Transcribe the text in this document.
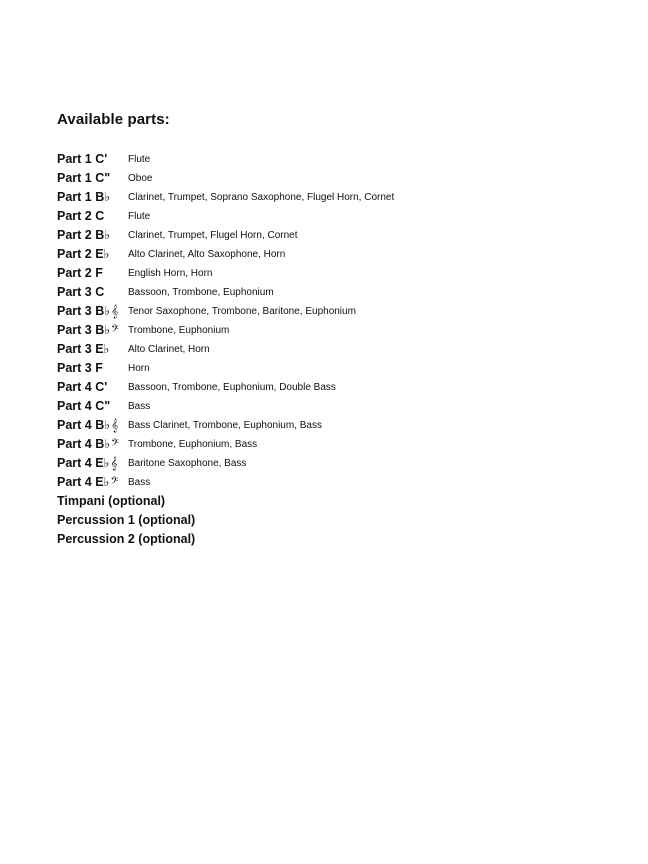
Available parts:
Part 1 C'	Flute
Part 1 C"	Oboe
Part 1 B♭	Clarinet, Trumpet, Soprano Saxophone, Flugel Horn, Cornet
Part 2 C	Flute
Part 2 B♭	Clarinet, Trumpet, Flugel Horn, Cornet
Part 2 E♭	Alto Clarinet, Alto Saxophone, Horn
Part 2 F	English Horn, Horn
Part 3 C	Bassoon, Trombone, Euphonium
Part 3 B♭𝄞 Tenor Saxophone, Trombone, Baritone, Euphonium
Part 3 B♭𝄢 Trombone, Euphonium
Part 3 E♭	Alto Clarinet, Horn
Part 3 F	Horn
Part 4 C'	Bassoon, Trombone, Euphonium, Double Bass
Part 4 C"	Bass
Part 4 B♭𝄞 Bass Clarinet, Trombone, Euphonium, Bass
Part 4 B♭𝄢 Trombone, Euphonium, Bass
Part 4 E♭𝄞	Baritone Saxophone, Bass
Part 4 E♭𝄢 Bass
Timpani (optional)
Percussion 1 (optional)
Percussion 2 (optional)
